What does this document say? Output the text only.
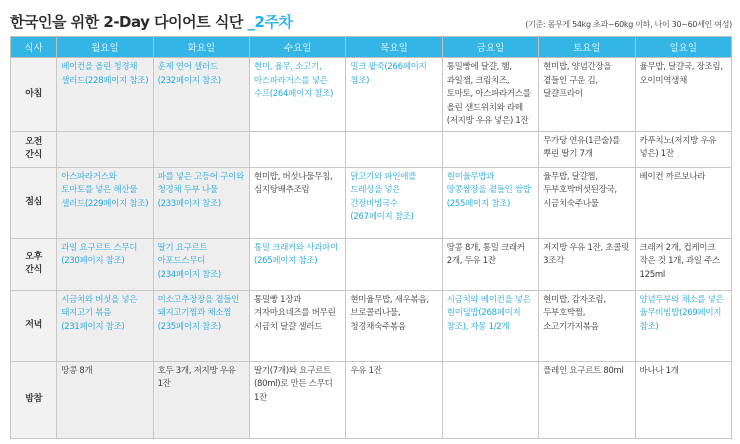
한국인을 위한 2-Day 다이어트 식단 _2주차	(기준: 몸무게 54kg 초과~60kg 이하, 나이 30~60세인 여성)
식사	월요일	화요일	수요일	목요일	금요일	토요일	일요일
아침	베이컨을 올린 청경채 샐러드(228페이지 참조)	훈제 연어 샐러드(232페이지 참조)	현미, 율무, 소고기, 아스파라거스를 넣은 수프(264페이지 참조)	밀크 팥죽(266페이지 참조)	통밀빵에 달걀, 햄, 과일잼, 크림치즈, 토마토, 아스파라거스를 올린 샌드위치와 라떼(저지방 우유 넣은) 1잔	현미밥, 양념간장을 곁들인 구운 김, 달걀프라이	율무밥, 달걀국, 장조림, 오이미역생채
오전
간식						무가당 연유(1큰술)를 뿌린 딸기 7개	카푸치노(저지방 우유 넣은) 1잔
점심	아스파라거스와 토마토를 넣은 해산물 샐러드(229페이지 참조)	파를 넣은 고등어 구이와 청경채 두부 나물(233페이지 참조)	현미밥, 버섯나물무침, 심지탕배추조림	닭고기와 파인애플 드레싱을 넣은 간장비빔국수(267페이지 참조)	현미율무밥과 땅콩쌈장을 곁들인 쌈밥(255페이지 참조)	율무밥, 달걀찜, 두부호박버섯된장국, 시금치숙주나물	베이컨 까르보나라
오후
간식	과일 요구르트 스무디(230페이지 참조)	딸기 요구르트 아포드스무디(234페이지 참조)	통밀 크래커와 사과파이(265페이지 참조)		땅콩 8개, 통밀 크래커 2개, 두유 1잔	저지방 우유 1잔, 초콜릿 3조각	크래커 2개, 컵케이크 작은 것 1개, 과일 주스 125ml
저녁	시금치와 버섯을 넣은 돼지고기 볶음(231페이지 참조)	미소고추장장을 곁들인 돼지고기찜과 채소찜(235페이지 참조)	통밀빵 1장과 겨자마요네즈를 버무린 시금치 달걀 샐러드	현미율무밥, 새우볶음, 브로콜리나물, 청경채숙주볶음	시금치와 베이컨을 넣은 현미덮밥(268페이지 참조), 자몽 1/2개	현미밥, 감자조림, 두부호박찜, 소고기가지볶음	양념두부와 채소를 넣은 율무비빔밥(269페이지 참조)
밤참	땅콩 8개	호두 3개, 저지방 우유 1잔	딸기(7개)와 요구르트(80ml)로 만든 스무디 1잔	우유 1잔		플레인 요구르트 80ml	바나나 1개
